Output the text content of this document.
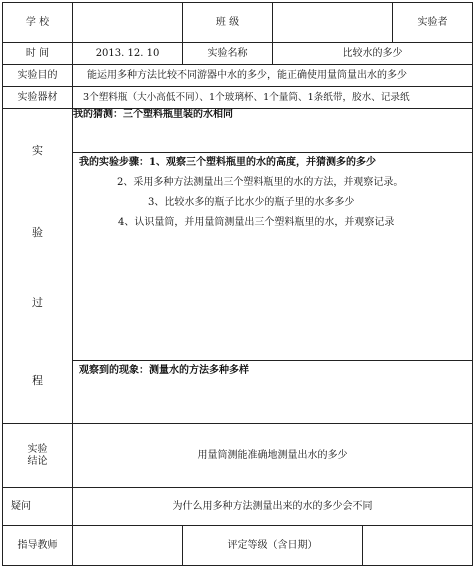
学 校		班 级			实验者

时 间	2013. 12. 10	实验名称	比较水的多少		
实验目的	能运用多种方法比较不同游器中水的多少，能正确使用量筒量出水的多少				
实验器材	3个塑料瓶（大小高低不同）、1个玻璃杯、1个量筒、1条纸带，胶水、记录纸				

实
验
过
程	我的猜测：三个塑料瓶里装的水相同				

	我的实验步骤：1、观察三个塑料瓶里的水的高度，并猜测多的多少
2、采用多种方法测量出三个塑料瓶里的水的方法，并观察记录。
3、比较水多的瓶子比水少的瓶子里的水多多少
4、认识量筒，并用量筒测量出三个塑料瓶里的水，并观察记录				

	观察到的现象：测量水的方法多种多样				

实验
结论	用量筒测能准确地测量出水的多少				
疑问	为什么用多种方法测量出来的水的多少会不同				
指导教师		评定等级（含日期）			
